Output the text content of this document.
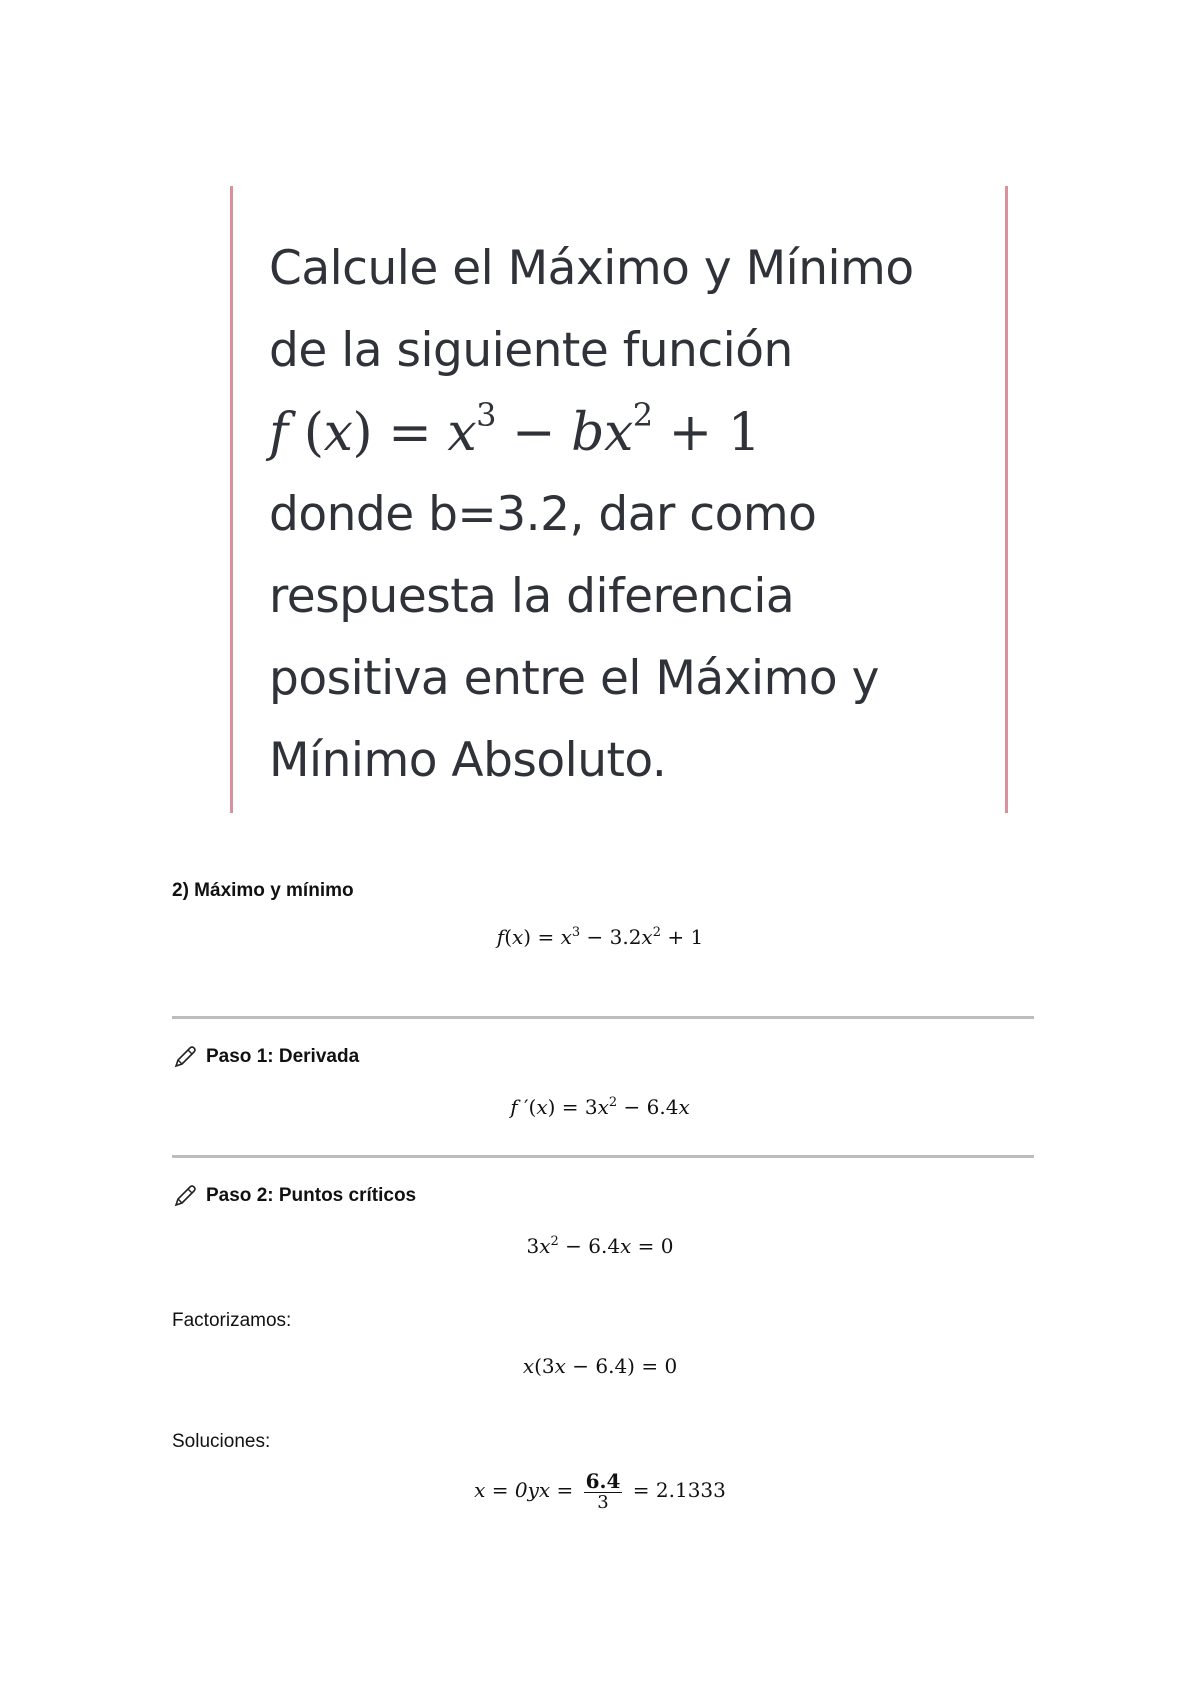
Calcule el Máximo y Mínimo
de la siguiente función
f $(x) = x^3 - bx^2 + 1$
donde b=3.2, dar como
respuesta la diferencia
positiva entre el Máximo y
Mínimo Absoluto.
2) Máximo y mínimo
$f(x) = x^3 - 3.2x^2 + 1$
Paso 1: Derivada
f $'(x) = 3x^2 - 6.4x$
Paso 2: Puntos críticos
$3x^2 - 6.4x = 0$
Factorizamos:
x(3x − 6.4) = 0
Soluciones:
$x = 0yx = \frac{6.4}{3} = 2.1333$
